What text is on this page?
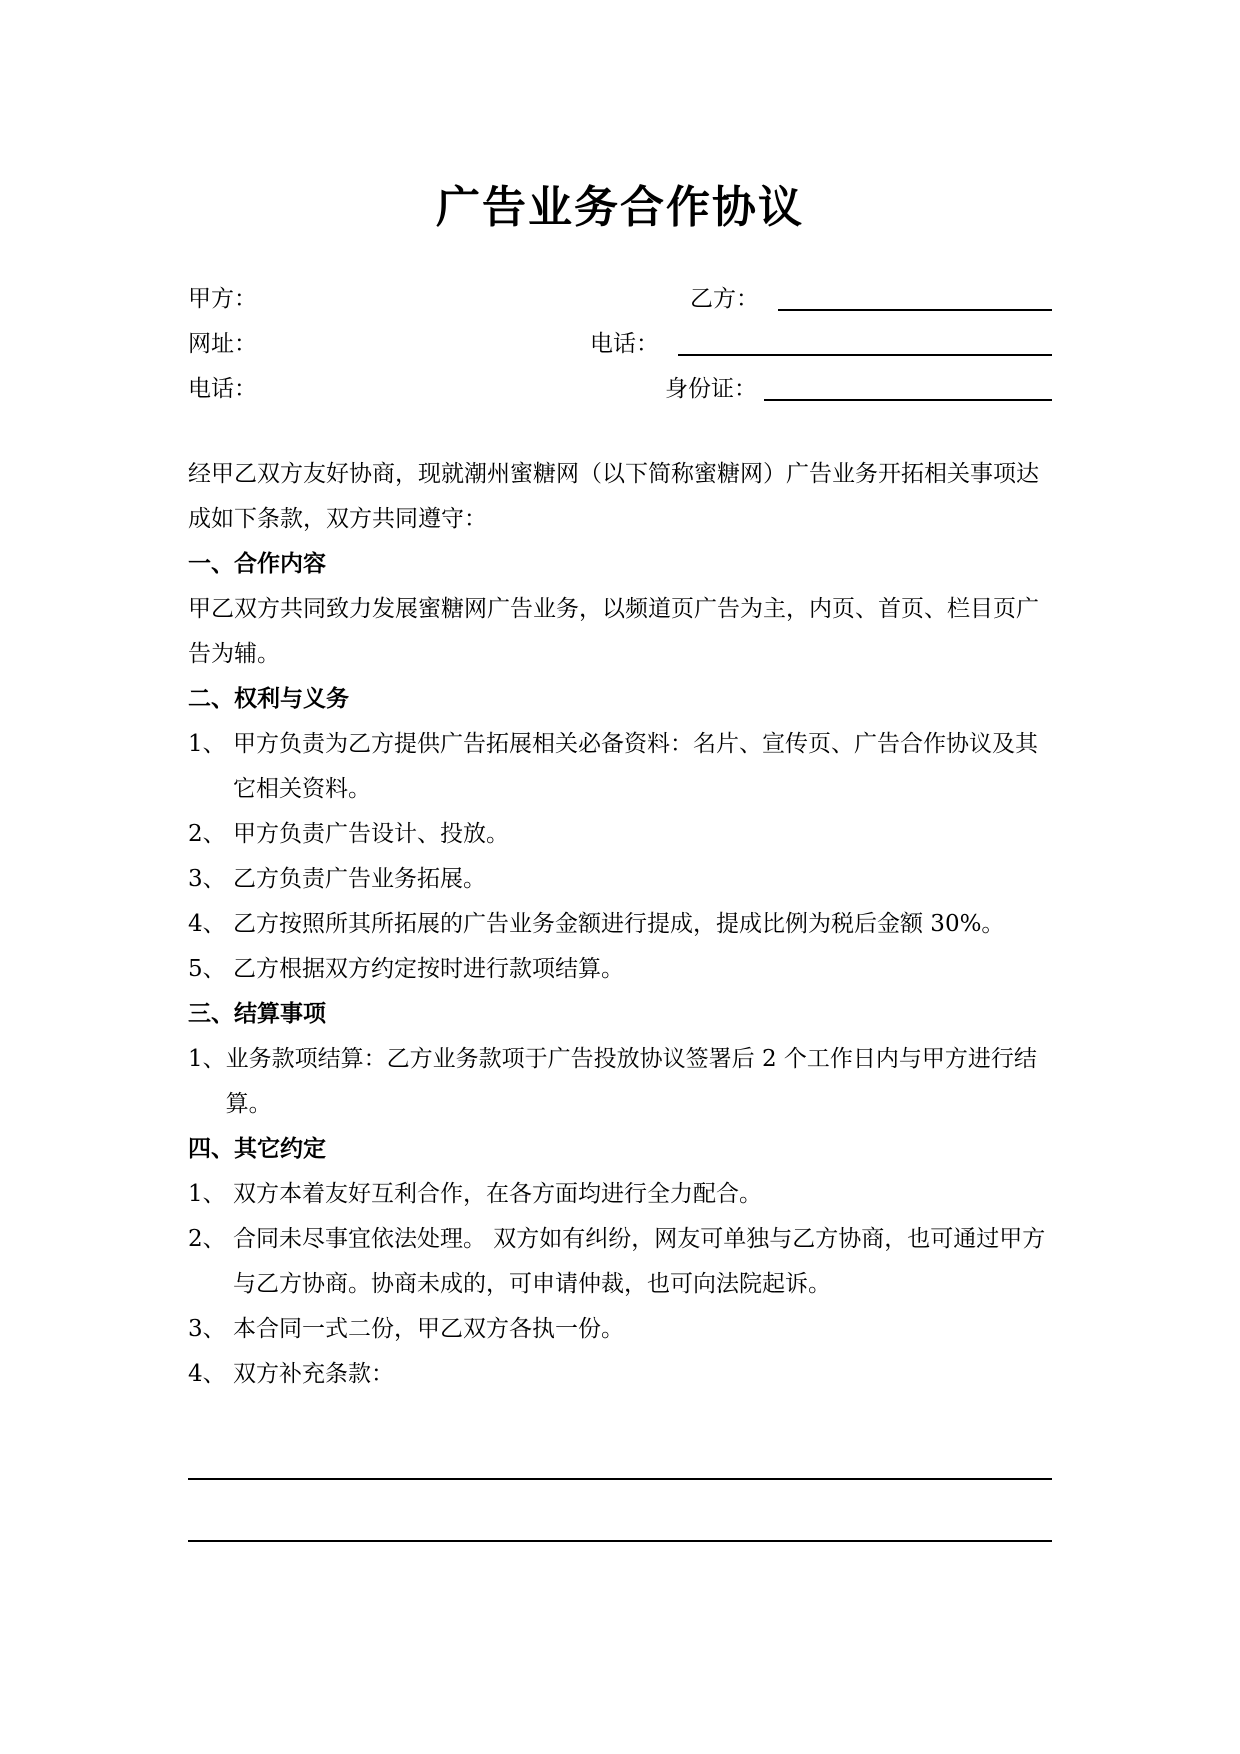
广告业务合作协议
甲方：	乙方：
网址：	电话：
电话：	身份证：

经甲乙双方友好协商，现就潮州蜜糖网（以下简称蜜糖网）广告业务开拓相关事项达成如下条款，双方共同遵守：

一、合作内容

甲乙双方共同致力发展蜜糖网广告业务，以频道页广告为主，内页、首页、栏目页广告为辅。

二、权利与义务

1、 甲方负责为乙方提供广告拓展相关必备资料：名片、宣传页、广告合作协议及其它相关资料。
2、 甲方负责广告设计、投放。
3、 乙方负责广告业务拓展。
4、 乙方按照所其所拓展的广告业务金额进行提成，提成比例为税后金额 30%。
5、 乙方根据双方约定按时进行款项结算。

三、结算事项

1、 业务款项结算：乙方业务款项于广告投放协议签署后 2 个工作日内与甲方进行结算。

四、其它约定

1、 双方本着友好互利合作，在各方面均进行全力配合。
2、 合同未尽事宜依法处理。 双方如有纠纷，网友可单独与乙方协商，也可通过甲方与乙方协商。协商未成的，可申请仲裁，也可向法院起诉。
3、 本合同一式二份，甲乙双方各执一份。
4、 双方补充条款：
